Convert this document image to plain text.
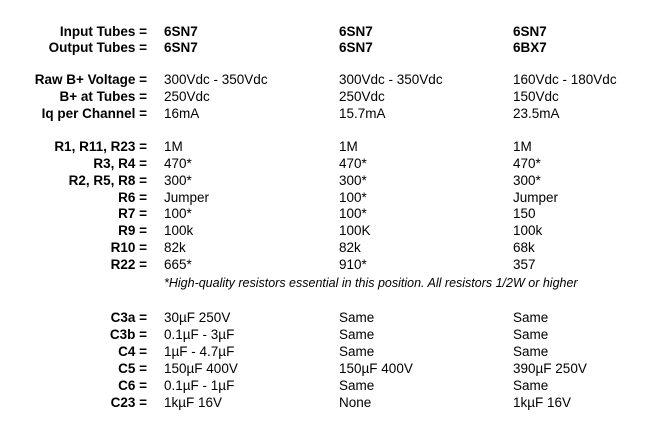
Input Tubes = 6SN7	6SN7	6SN7
Output Tubes = 6SN7	6SN7	6BX7
Raw B+ Voltage = 300Vdc - 350Vdc	300Vdc - 350Vdc	160Vdc - 180Vdc
B+ at Tubes = 250Vdc	250Vdc	150Vdc
Iq per Channel = 16mA	15.7mA	23.5mA
R1, R11, R23 = 1M	1M	1M
R3, R4 = 470*	470*	470*
R2, R5, R8 = 300*	300*	300*
R6 = Jumper	100*	Jumper
R7 = 100*	100*	150
R9 = 100k	100K	100k
R10 = 82k	82k	68k
R22 = 665*	910*	357
*High-quality resistors essential in this position. All resistors 1/2W or higher
C3a = 30µF 250V	Same	Same
C3b = 0.1µF - 3µF	Same	Same
C4 = 1µF - 4.7µF	Same	Same
C5 = 150µF 400V	150µF 400V	390µF 250V
C6 = 0.1µF - 1µF	Same	Same
C23 = 1kµF 16V	None	1kµF 16V
